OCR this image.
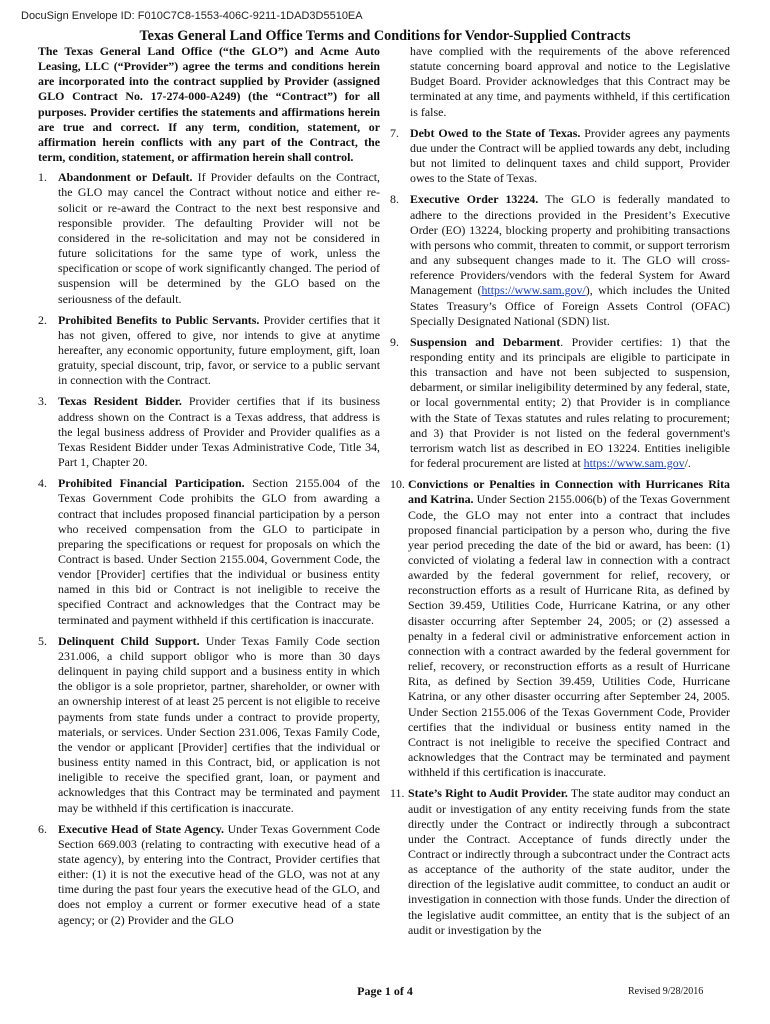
DocuSign Envelope ID: F010C7C8-1553-406C-9211-1DAD3D5510EA
Texas General Land Office Terms and Conditions for Vendor-Supplied Contracts

The Texas General Land Office (“the GLO”) and Acme Auto Leasing, LLC (“Provider”) agree the terms and conditions herein are incorporated into the contract supplied by Provider (assigned GLO Contract No. 17-274-000-A249) (the “Contract”) for all purposes. Provider certifies the statements and affirmations herein are true and correct. If any term, condition, statement, or affirmation herein conflicts with any part of the Contract, the term, condition, statement, or affirmation herein shall control.

1. Abandonment or Default. If Provider defaults on the Contract, the GLO may cancel the Contract without notice and either re-solicit or re-award the Contract to the next best responsive and responsible provider. The defaulting Provider will not be considered in the re-solicitation and may not be considered in future solicitations for the same type of work, unless the specification or scope of work significantly changed. The period of suspension will be determined by the GLO based on the seriousness of the default.
2. Prohibited Benefits to Public Servants. Provider certifies that it has not given, offered to give, nor intends to give at anytime hereafter, any economic opportunity, future employment, gift, loan gratuity, special discount, trip, favor, or service to a public servant in connection with the Contract.
3. Texas Resident Bidder. Provider certifies that if its business address shown on the Contract is a Texas address, that address is the legal business address of Provider and Provider qualifies as a Texas Resident Bidder under Texas Administrative Code, Title 34, Part 1, Chapter 20.
4. Prohibited Financial Participation. Section 2155.004 of the Texas Government Code prohibits the GLO from awarding a contract that includes proposed financial participation by a person who received compensation from the GLO to participate in preparing the specifications or request for proposals on which the Contract is based. Under Section 2155.004, Government Code, the vendor [Provider] certifies that the individual or business entity named in this bid or Contract is not ineligible to receive the specified Contract and acknowledges that the Contract may be terminated and payment withheld if this certification is inaccurate.
5. Delinquent Child Support. Under Texas Family Code section 231.006, a child support obligor who is more than 30 days delinquent in paying child support and a business entity in which the obligor is a sole proprietor, partner, shareholder, or owner with an ownership interest of at least 25 percent is not eligible to receive payments from state funds under a contract to provide property, materials, or services. Under Section 231.006, Texas Family Code, the vendor or applicant [Provider] certifies that the individual or business entity named in this Contract, bid, or application is not ineligible to receive the specified grant, loan, or payment and acknowledges that this Contract may be terminated and payment may be withheld if this certification is inaccurate.
6. Executive Head of State Agency. Under Texas Government Code Section 669.003 (relating to contracting with executive head of a state agency), by entering into the Contract, Provider certifies that either: (1) it is not the executive head of the GLO, was not at any time during the past four years the executive head of the GLO, and does not employ a current or former executive head of a state agency; or (2) Provider and the GLO

have complied with the requirements of the above referenced statute concerning board approval and notice to the Legislative Budget Board. Provider acknowledges that this Contract may be terminated at any time, and payments withheld, if this certification is false.

7. Debt Owed to the State of Texas. Provider agrees any payments due under the Contract will be applied towards any debt, including but not limited to delinquent taxes and child support, Provider owes to the State of Texas.
8. Executive Order 13224. The GLO is federally mandated to adhere to the directions provided in the President’s Executive Order (EO) 13224, blocking property and prohibiting transactions with persons who commit, threaten to commit, or support terrorism and any subsequent changes made to it. The GLO will cross-reference Providers/vendors with the federal System for Award Management (https://www.sam.gov/), which includes the United States Treasury’s Office of Foreign Assets Control (OFAC) Specially Designated National (SDN) list.
9. Suspension and Debarment. Provider certifies: 1) that the responding entity and its principals are eligible to participate in this transaction and have not been subjected to suspension, debarment, or similar ineligibility determined by any federal, state, or local governmental entity; 2) that Provider is in compliance with the State of Texas statutes and rules relating to procurement; and 3) that Provider is not listed on the federal government's terrorism watch list as described in EO 13224. Entities ineligible for federal procurement are listed at https://www.sam.gov/.
10. Convictions or Penalties in Connection with Hurricanes Rita and Katrina. Under Section 2155.006(b) of the Texas Government Code, the GLO may not enter into a contract that includes proposed financial participation by a person who, during the five year period preceding the date of the bid or award, has been: (1) convicted of violating a federal law in connection with a contract awarded by the federal government for relief, recovery, or reconstruction efforts as a result of Hurricane Rita, as defined by Section 39.459, Utilities Code, Hurricane Katrina, or any other disaster occurring after September 24, 2005; or (2) assessed a penalty in a federal civil or administrative enforcement action in connection with a contract awarded by the federal government for relief, recovery, or reconstruction efforts as a result of Hurricane Rita, as defined by Section 39.459, Utilities Code, Hurricane Katrina, or any other disaster occurring after September 24, 2005. Under Section 2155.006 of the Texas Government Code, Provider certifies that the individual or business entity named in the Contract is not ineligible to receive the specified Contract and acknowledges that the Contract may be terminated and payment withheld if this certification is inaccurate.
11. State’s Right to Audit Provider. The state auditor may conduct an audit or investigation of any entity receiving funds from the state directly under the Contract or indirectly through a subcontract under the Contract. Acceptance of funds directly under the Contract or indirectly through a subcontract under the Contract acts as acceptance of the authority of the state auditor, under the direction of the legislative audit committee, to conduct an audit or investigation in connection with those funds. Under the direction of the legislative audit committee, an entity that is the subject of an audit or investigation by the
Page 1 of 4	Revised 9/28/2016
